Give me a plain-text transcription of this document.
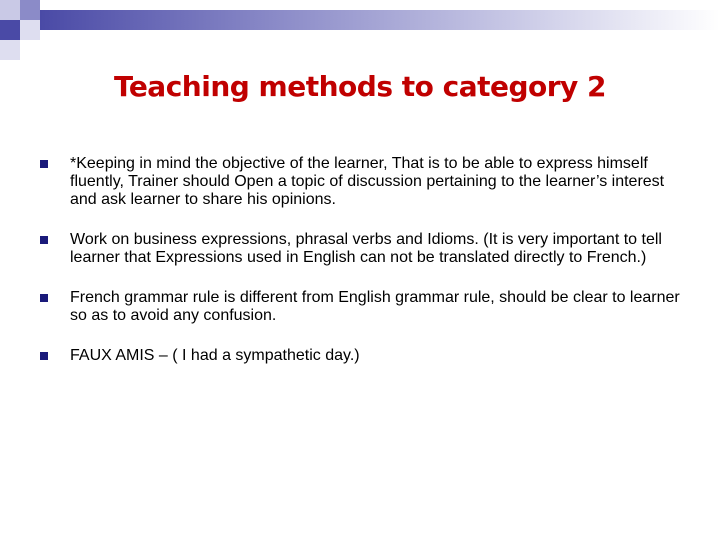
Teaching methods to category 2
*Keeping in mind the objective of the learner, That is to be able to express himself fluently, Trainer should Open a topic of discussion pertaining to the learner’s interest and ask learner to share his opinions.
Work on business expressions, phrasal verbs and Idioms. (It is very important to tell learner that Expressions used in English can not be translated directly to French.)
French grammar rule is different from English grammar rule, should be clear to learner so as to avoid any confusion.
FAUX AMIS – ( I had a sympathetic day.)
